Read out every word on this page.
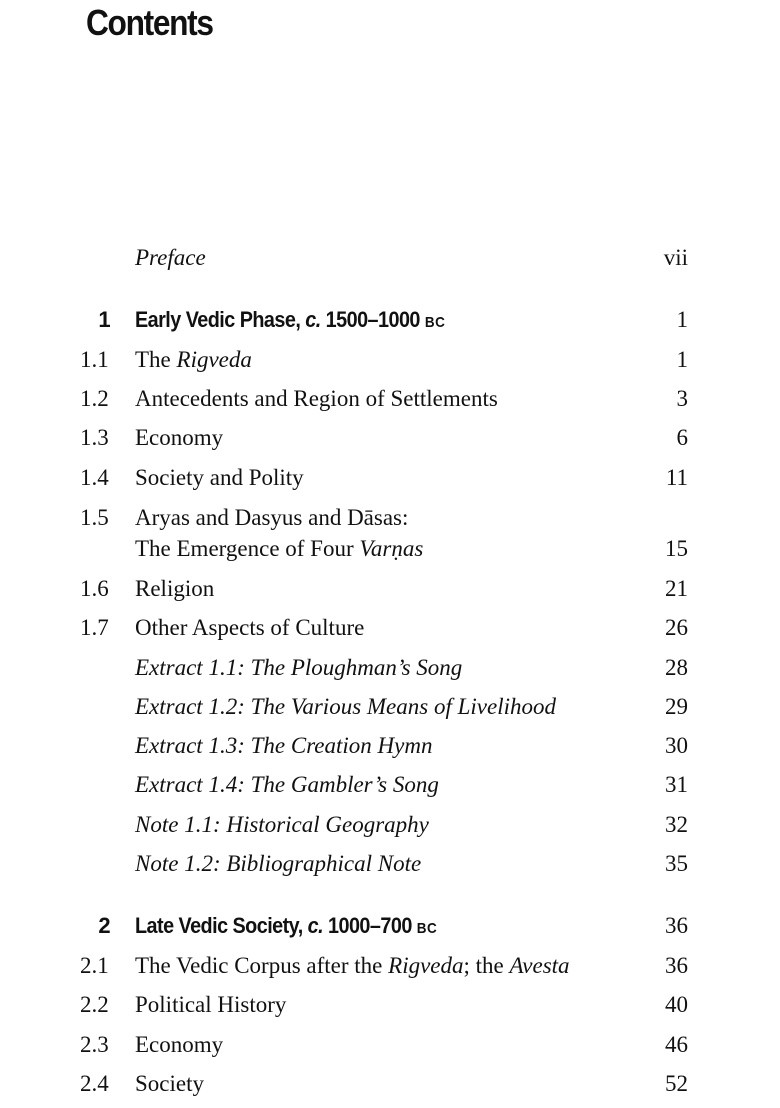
Contents
Preface	vii
1 Early Vedic Phase, c. 1500–1000 BC	1
1.1 The Rigveda	1
1.2 Antecedents and Region of Settlements	3
1.3 Economy	6
1.4 Society and Polity	11
1.5 Aryas and Dasyus and Dāsas:
The Emergence of Four Varṇas	15
1.6 Religion	21
1.7 Other Aspects of Culture	26
Extract 1.1: The Ploughman’s Song	28
Extract 1.2: The Various Means of Livelihood	29
Extract 1.3: The Creation Hymn	30
Extract 1.4: The Gambler’s Song	31
Note 1.1: Historical Geography	32
Note 1.2: Bibliographical Note	35
2 Late Vedic Society, c. 1000–700 BC	36
2.1 The Vedic Corpus after the Rigveda; the Avesta	36
2.2 Political History	40
2.3 Economy	46
2.4 Society	52
